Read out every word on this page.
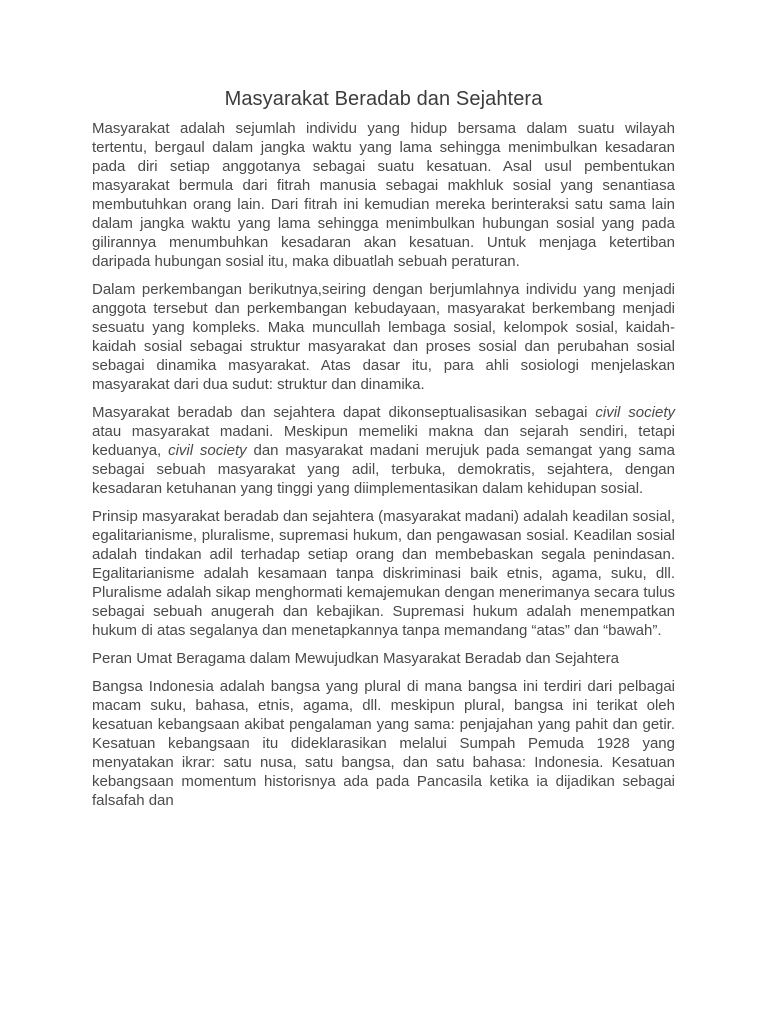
Masyarakat Beradab dan Sejahtera

Masyarakat adalah sejumlah individu yang hidup bersama dalam suatu wilayah tertentu, bergaul dalam jangka waktu yang lama sehingga menimbulkan kesadaran pada diri setiap anggotanya sebagai suatu kesatuan. Asal usul pembentukan masyarakat bermula dari fitrah manusia sebagai makhluk sosial yang senantiasa membutuhkan orang lain. Dari fitrah ini kemudian mereka berinteraksi satu sama lain dalam jangka waktu yang lama sehingga menimbulkan hubungan sosial yang pada gilirannya menumbuhkan kesadaran akan kesatuan. Untuk menjaga ketertiban daripada hubungan sosial itu, maka dibuatlah sebuah peraturan.

Dalam perkembangan berikutnya,seiring dengan berjumlahnya individu yang menjadi anggota tersebut dan perkembangan kebudayaan, masyarakat berkembang menjadi sesuatu yang kompleks. Maka muncullah lembaga sosial, kelompok sosial, kaidah-kaidah sosial sebagai struktur masyarakat dan proses sosial dan perubahan sosial sebagai dinamika masyarakat. Atas dasar itu, para ahli sosiologi menjelaskan masyarakat dari dua sudut: struktur dan dinamika.

Masyarakat beradab dan sejahtera dapat dikonseptualisasikan sebagai civil society atau masyarakat madani. Meskipun memeliki makna dan sejarah sendiri, tetapi keduanya, civil society dan masyarakat madani merujuk pada semangat yang sama sebagai sebuah masyarakat yang adil, terbuka, demokratis, sejahtera, dengan kesadaran ketuhanan yang tinggi yang diimplementasikan dalam kehidupan sosial.

Prinsip masyarakat beradab dan sejahtera (masyarakat madani) adalah keadilan sosial, egalitarianisme, pluralisme, supremasi hukum, dan pengawasan sosial. Keadilan sosial adalah tindakan adil terhadap setiap orang dan membebaskan segala penindasan. Egalitarianisme adalah kesamaan tanpa diskriminasi baik etnis, agama, suku, dll. Pluralisme adalah sikap menghormati kemajemukan dengan menerimanya secara tulus sebagai sebuah anugerah dan kebajikan. Supremasi hukum adalah menempatkan hukum di atas segalanya dan menetapkannya tanpa memandang “atas” dan “bawah”.

Peran Umat Beragama dalam Mewujudkan Masyarakat Beradab dan Sejahtera

Bangsa Indonesia adalah bangsa yang plural di mana bangsa ini terdiri dari pelbagai macam suku, bahasa, etnis, agama, dll. meskipun plural, bangsa ini terikat oleh kesatuan kebangsaan akibat pengalaman yang sama: penjajahan yang pahit dan getir. Kesatuan kebangsaan itu dideklarasikan melalui Sumpah Pemuda 1928 yang menyatakan ikrar: satu nusa, satu bangsa, dan satu bahasa: Indonesia. Kesatuan kebangsaan momentum historisnya ada pada Pancasila ketika ia dijadikan sebagai falsafah dan
